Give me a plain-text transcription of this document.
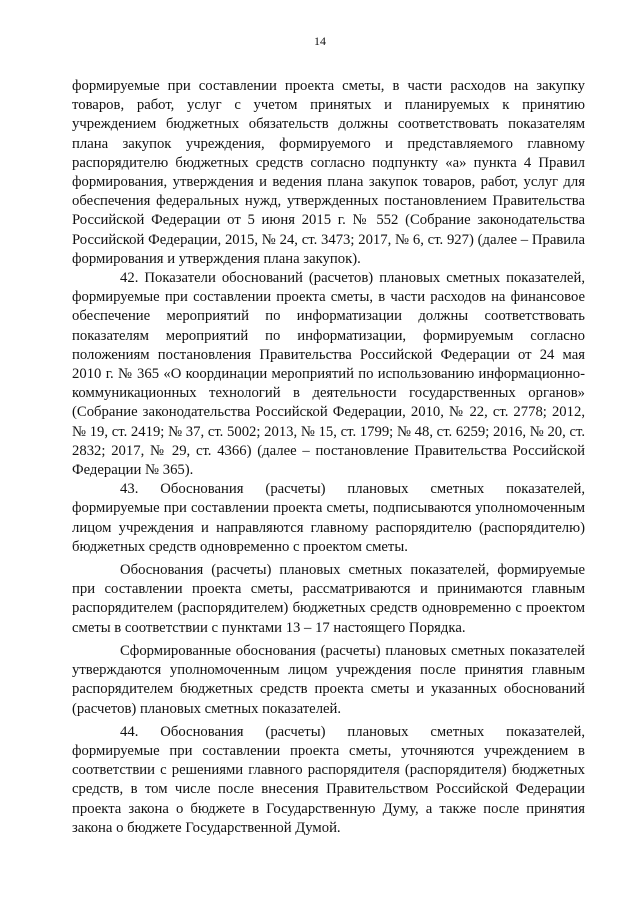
14

формируемые при составлении проекта сметы, в части расходов на закупку товаров, работ, услуг с учетом принятых и планируемых к принятию учреждением бюджетных обязательств должны соответствовать показателям плана закупок учреждения, формируемого и представляемого главному распорядителю бюджетных средств согласно подпункту «а» пункта 4 Правил формирования, утверждения и ведения плана закупок товаров, работ, услуг для обеспечения федеральных нужд, утвержденных постановлением Правительства Российской Федерации от 5 июня 2015 г. № 552 (Собрание законодательства Российской Федерации, 2015, № 24, ст. 3473; 2017, № 6, ст. 927) (далее – Правила формирования и утверждения плана закупок).

42. Показатели обоснований (расчетов) плановых сметных показателей, формируемые при составлении проекта сметы, в части расходов на финансовое обеспечение мероприятий по информатизации должны соответствовать показателям мероприятий по информатизации, формируемым согласно положениям постановления Правительства Российской Федерации от 24 мая 2010 г. № 365 «О координации мероприятий по использованию информационно-коммуникационных технологий в деятельности государственных органов» (Собрание законодательства Российской Федерации, 2010, № 22, ст. 2778; 2012, № 19, ст. 2419; № 37, ст. 5002; 2013, № 15, ст. 1799; № 48, ст. 6259; 2016, № 20, ст. 2832; 2017, № 29, ст. 4366) (далее – постановление Правительства Российской Федерации № 365).

43. Обоснования (расчеты) плановых сметных показателей, формируемые при составлении проекта сметы, подписываются уполномоченным лицом учреждения и направляются главному распорядителю (распорядителю) бюджетных средств одновременно с проектом сметы.

Обоснования (расчеты) плановых сметных показателей, формируемые при составлении проекта сметы, рассматриваются и принимаются главным распорядителем (распорядителем) бюджетных средств одновременно с проектом сметы в соответствии с пунктами 13 – 17 настоящего Порядка.

Сформированные обоснования (расчеты) плановых сметных показателей утверждаются уполномоченным лицом учреждения после принятия главным распорядителем бюджетных средств проекта сметы и указанных обоснований (расчетов) плановых сметных показателей.

44. Обоснования (расчеты) плановых сметных показателей, формируемые при составлении проекта сметы, уточняются учреждением в соответствии с решениями главного распорядителя (распорядителя) бюджетных средств, в том числе после внесения Правительством Российской Федерации проекта закона о бюджете в Государственную Думу, а также после принятия закона о бюджете Государственной Думой.
